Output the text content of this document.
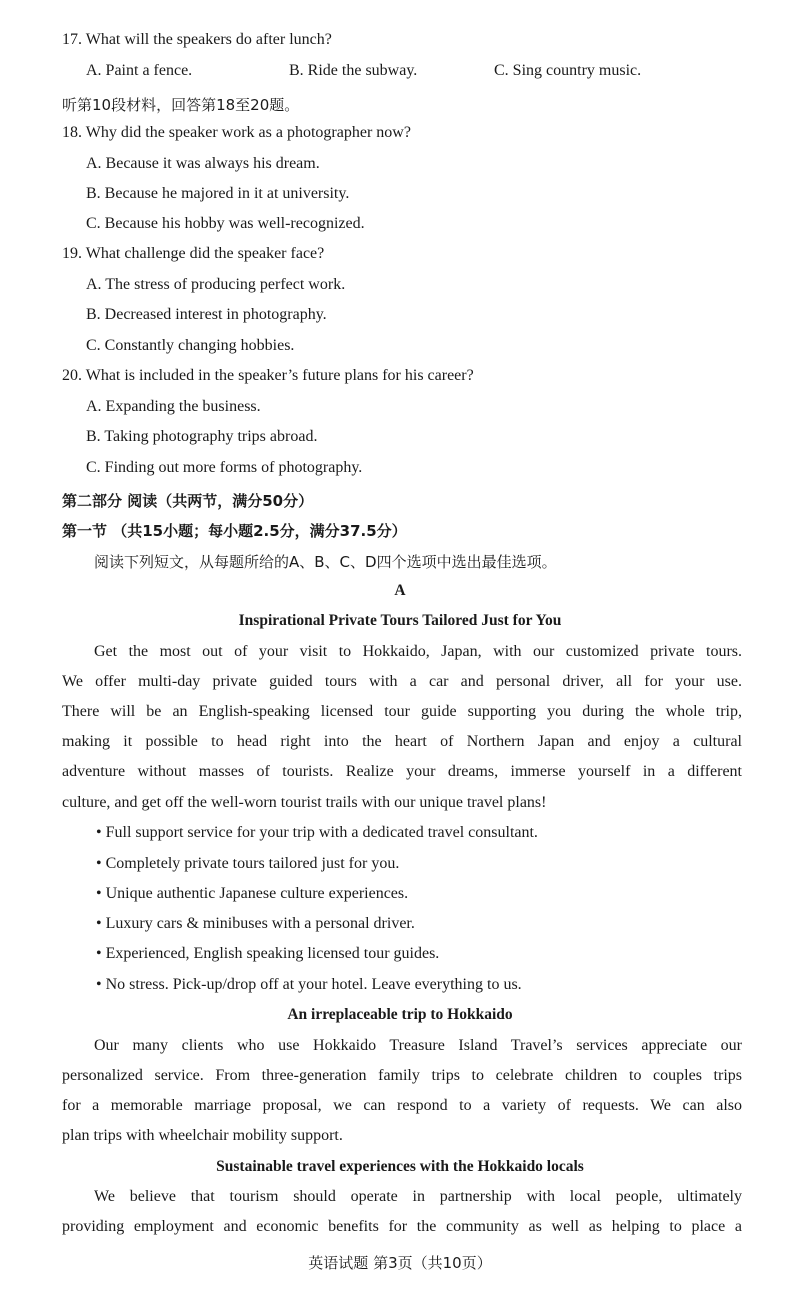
17. What will the speakers do after lunch?
A. Paint a fence.	B. Ride the subway.	C. Sing country music.
听第10段材料，回答第18至20题。
18. Why did the speaker work as a photographer now?
A. Because it was always his dream.
B. Because he majored in it at university.
C. Because his hobby was well-recognized.
19. What challenge did the speaker face?
A. The stress of producing perfect work.
B. Decreased interest in photography.
C. Constantly changing hobbies.
20. What is included in the speaker’s future plans for his career?
A. Expanding the business.
B. Taking photography trips abroad.
C. Finding out more forms of photography.
第二部分 阅读（共两节，满分50分）
第一节 （共15小题；每小题2.5分，满分37.5分）
阅读下列短文，从每题所给的A、B、C、D四个选项中选出最佳选项。
A
Inspirational Private Tours Tailored Just for You
Get the most out of your visit to Hokkaido, Japan, with our customized private tours.
We offer multi-day private guided tours with a car and personal driver, all for your use.
There will be an English-speaking licensed tour guide supporting you during the whole trip,
making it possible to head right into the heart of Northern Japan and enjoy a cultural
adventure without masses of tourists. Realize your dreams, immerse yourself in a different
culture, and get off the well-worn tourist trails with our unique travel plans!
• Full support service for your trip with a dedicated travel consultant.
• Completely private tours tailored just for you.
• Unique authentic Japanese culture experiences.
• Luxury cars & minibuses with a personal driver.
• Experienced, English speaking licensed tour guides.
• No stress. Pick-up/drop off at your hotel. Leave everything to us.
An irreplaceable trip to Hokkaido
Our many clients who use Hokkaido Treasure Island Travel’s services appreciate our
personalized service. From three-generation family trips to celebrate children to couples trips
for a memorable marriage proposal, we can respond to a variety of requests. We can also
plan trips with wheelchair mobility support.
Sustainable travel experiences with the Hokkaido locals
We believe that tourism should operate in partnership with local people, ultimately
providing employment and economic benefits for the community as well as helping to place a
英语试题 第3页（共10页）
